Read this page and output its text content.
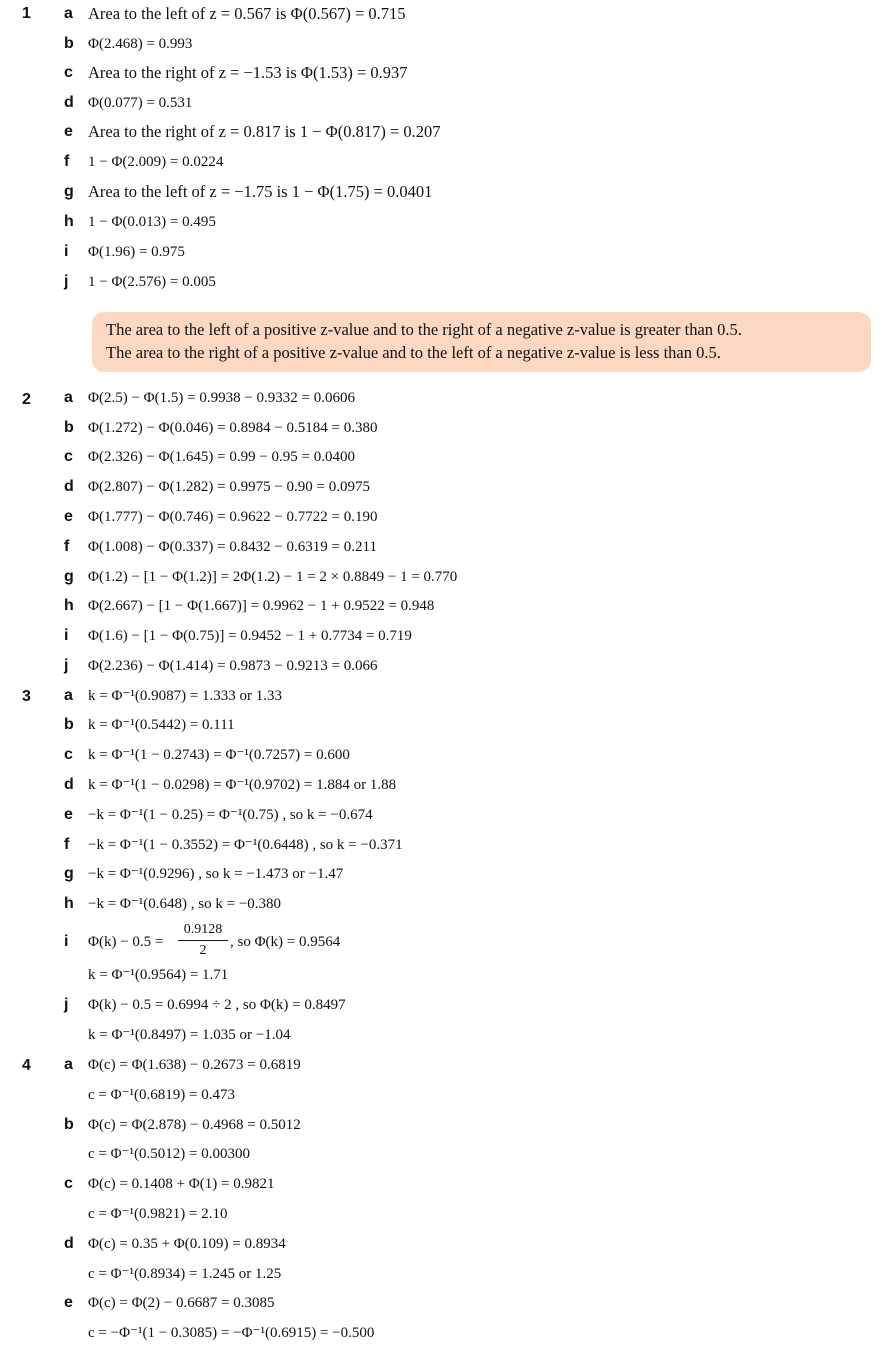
1	a Area to the left of z = 0.567 is Φ(0.567) = 0.715
b Φ(2.468) = 0.993
c Area to the right of z = −1.53 is Φ(1.53) = 0.937
d Φ(0.077) = 0.531
e Area to the right of z = 0.817 is 1 − Φ(0.817) = 0.207
f	1 − Φ(2.009) = 0.0224
g Area to the left of z = −1.75 is 1 − Φ(1.75) = 0.0401
h 1 − Φ(0.013) = 0.495
i	Φ(1.96) = 0.975
j	1 − Φ(2.576) = 0.005
The area to the left of a positive z-value and to the right of a negative z-value is greater than 0.5.
The area to the right of a positive z-value and to the left of a negative z-value is less than 0.5.
2	a	Φ(2.5) − Φ(1.5) = 0.9938 − 0.9332 = 0.0606
b Φ(1.272) − Φ(0.046) = 0.8984 − 0.5184 = 0.380
c	Φ(2.326) − Φ(1.645) = 0.99 − 0.95 = 0.0400
d Φ(2.807) − Φ(1.282) = 0.9975 − 0.90 = 0.0975
e	Φ(1.777) − Φ(0.746) = 0.9622 − 0.7722 = 0.190
f	Φ(1.008) − Φ(0.337) = 0.8432 − 0.6319 = 0.211
g Φ(1.2) − [1 − Φ(1.2)] = 2Φ(1.2) − 1 = 2 × 0.8849 − 1 = 0.770
h Φ(2.667) − [1 − Φ(1.667)] = 0.9962 − 1 + 0.9522 = 0.948
i	Φ(1.6) − [1 − Φ(0.75)] = 0.9452 − 1 + 0.7734 = 0.719
j	Φ(2.236) − Φ(1.414) = 0.9873 − 0.9213 = 0.066
3	a	k = Φ⁻¹(0.9087) = 1.333 or 1.33
b k = Φ⁻¹(0.5442) = 0.111
c	k = Φ⁻¹(1 − 0.2743) = Φ⁻¹(0.7257) = 0.600
d k = Φ⁻¹(1 − 0.0298) = Φ⁻¹(0.9702) = 1.884 or 1.88
e	−k = Φ⁻¹(1 − 0.25) = Φ⁻¹(0.75) , so k = −0.674
f	−k = Φ⁻¹(1 − 0.3552) = Φ⁻¹(0.6448) , so k = −0.371
g −k = Φ⁻¹(0.9296) , so k = −1.473 or −1.47
h −k = Φ⁻¹(0.648) , so k = −0.380
i	$\Phi(k) - 0.5 = \frac{0.9128}{2}$ , so Φ(k) = 0.9564
k = Φ⁻¹(0.9564) = 1.71
j	Φ(k) − 0.5 = 0.6994 ÷ 2 , so Φ(k) = 0.8497
k = Φ⁻¹(0.8497) = 1.035 or −1.04
4	a	Φ(c) = Φ(1.638) − 0.2673 = 0.6819
c = Φ⁻¹(0.6819) = 0.473
b Φ(c) = Φ(2.878) − 0.4968 = 0.5012
c = Φ⁻¹(0.5012) = 0.00300
c	Φ(c) = 0.1408 + Φ(1) = 0.9821
c = Φ⁻¹(0.9821) = 2.10
d Φ(c) = 0.35 + Φ(0.109) = 0.8934
c = Φ⁻¹(0.8934) = 1.245 or 1.25
e	Φ(c) = Φ(2) − 0.6687 = 0.3085
c = −Φ⁻¹(1 − 0.3085) = −Φ⁻¹(0.6915) = −0.500
